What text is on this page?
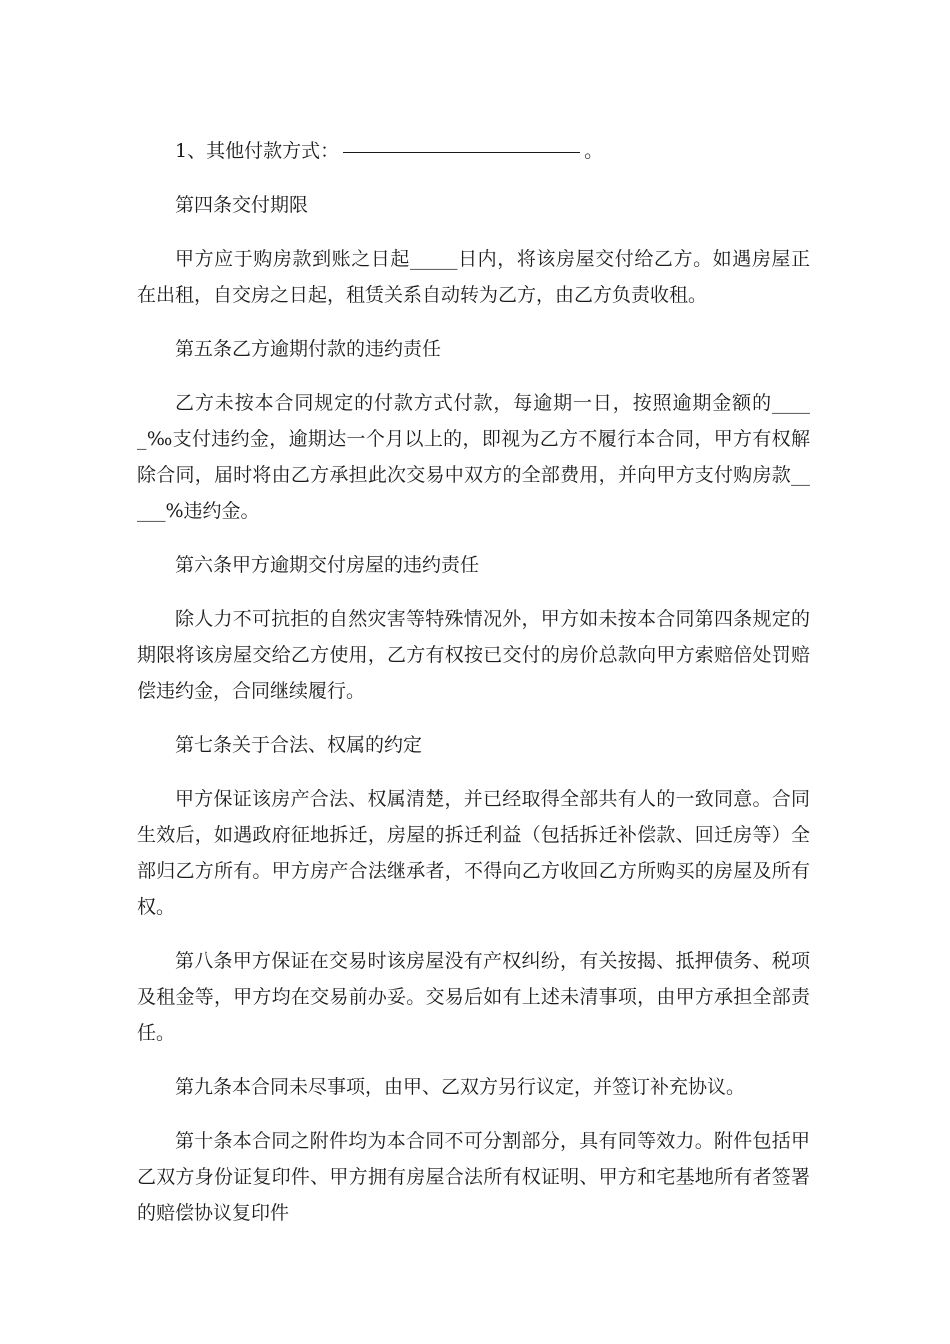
1、其他付款方式：	。

第四条交付期限

甲方应于购房款到账之日起_____日内，将该房屋交付给乙方。如遇房屋正在出租，自交房之日起，租赁关系自动转为乙方，由乙方负责收租。

第五条乙方逾期付款的违约责任

乙方未按本合同规定的付款方式付款，每逾期一日，按照逾期金额的_____‰支付违约金，逾期达一个月以上的，即视为乙方不履行本合同，甲方有权解除合同，届时将由乙方承担此次交易中双方的全部费用，并向甲方支付购房款_____%违约金。

第六条甲方逾期交付房屋的违约责任

除人力不可抗拒的自然灾害等特殊情况外，甲方如未按本合同第四条规定的期限将该房屋交给乙方使用，乙方有权按已交付的房价总款向甲方索赔倍处罚赔偿违约金，合同继续履行。

第七条关于合法、权属的约定

甲方保证该房产合法、权属清楚，并已经取得全部共有人的一致同意。合同生效后，如遇政府征地拆迁，房屋的拆迁利益（包括拆迁补偿款、回迁房等）全部归乙方所有。甲方房产合法继承者，不得向乙方收回乙方所购买的房屋及所有权。

第八条甲方保证在交易时该房屋没有产权纠纷，有关按揭、抵押债务、税项及租金等，甲方均在交易前办妥。交易后如有上述未清事项，由甲方承担全部责任。

第九条本合同未尽事项，由甲、乙双方另行议定，并签订补充协议。

第十条本合同之附件均为本合同不可分割部分，具有同等效力。附件包括甲乙双方身份证复印件、甲方拥有房屋合法所有权证明、甲方和宅基地所有者签署的赔偿协议复印件
